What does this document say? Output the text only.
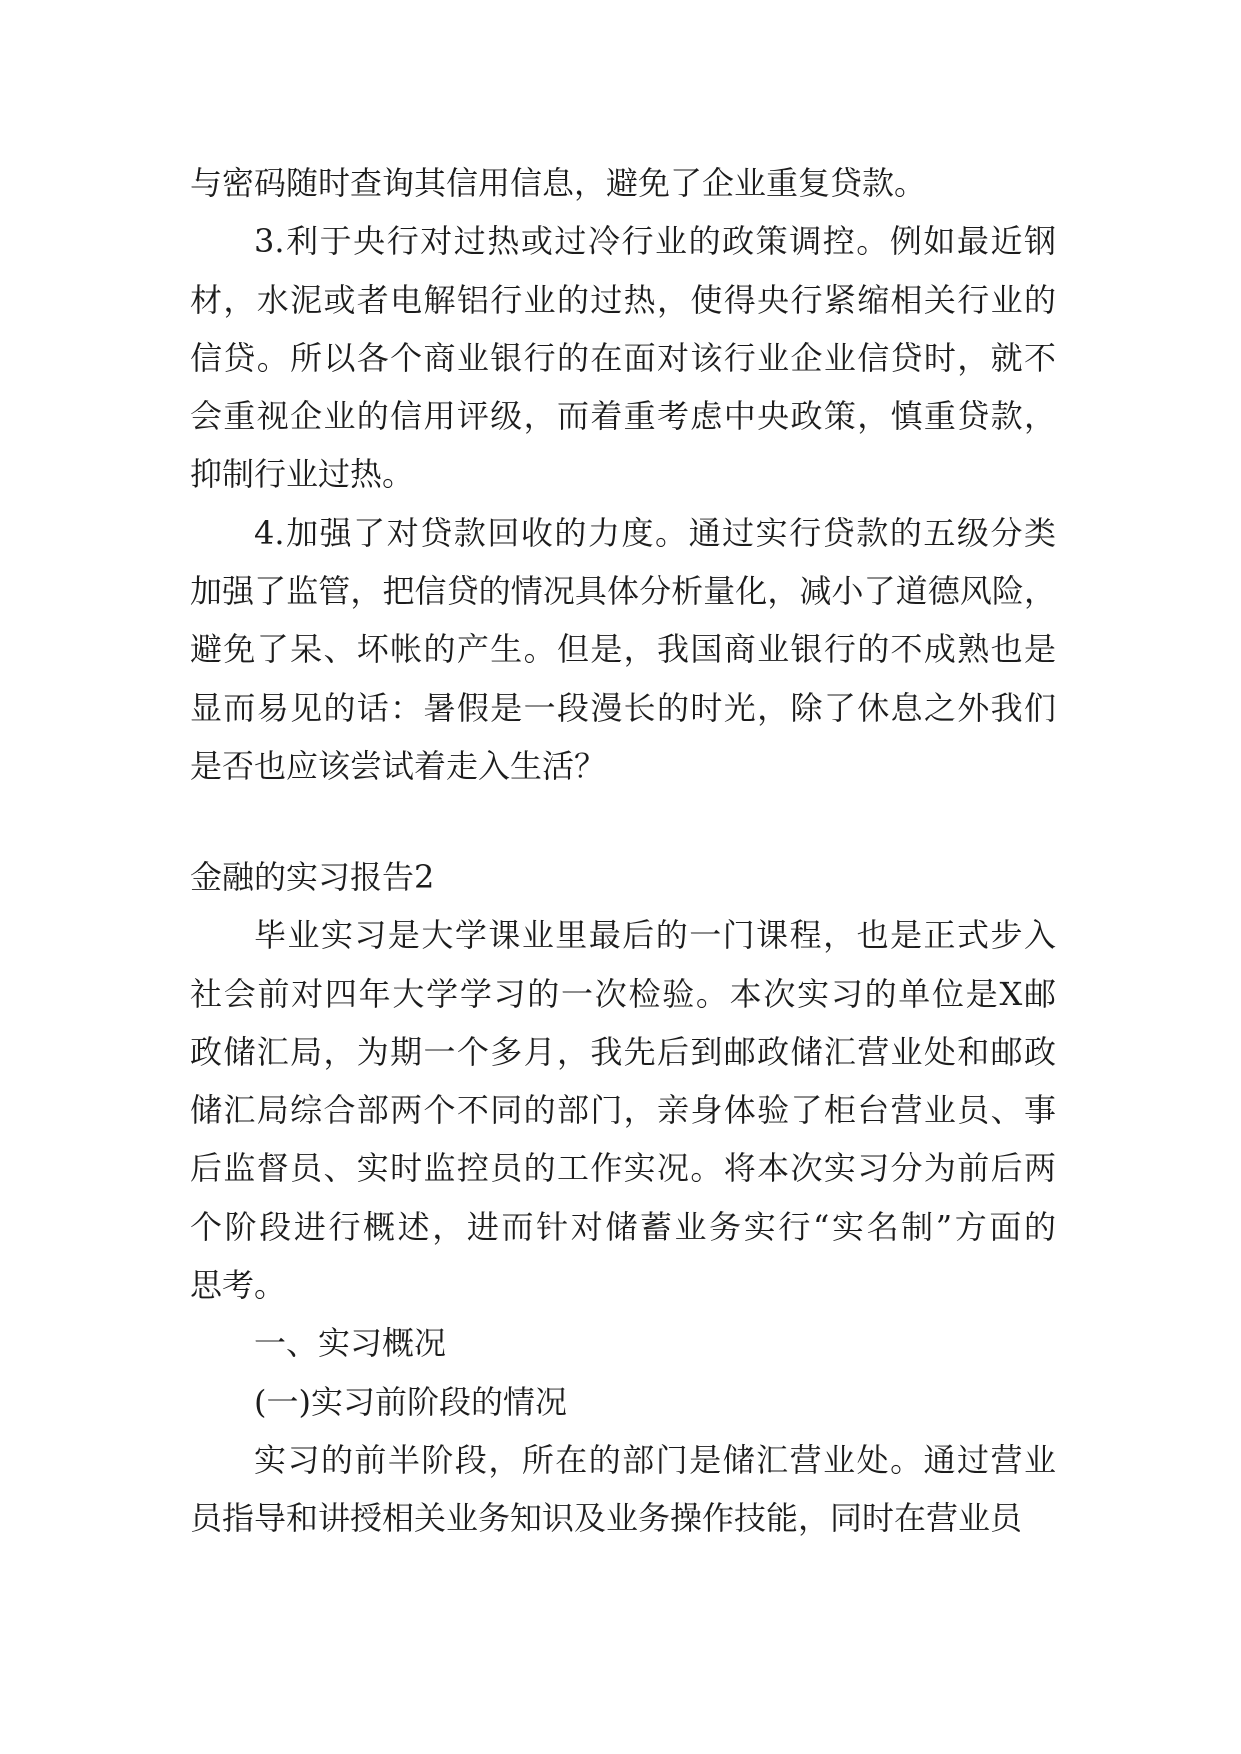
与密码随时查询其信用信息，避免了企业重复贷款。
3.利于央行对过热或过冷行业的政策调控。例如最近钢
材，水泥或者电解铝行业的过热，使得央行紧缩相关行业的
信贷。所以各个商业银行的在面对该行业企业信贷时，就不
会重视企业的信用评级，而着重考虑中央政策，慎重贷款，
抑制行业过热。
4.加强了对贷款回收的力度。通过实行贷款的五级分类
加强了监管，把信贷的情况具体分析量化，减小了道德风险，
避免了呆、坏帐的产生。但是，我国商业银行的不成熟也是
显而易见的话：暑假是一段漫长的时光，除了休息之外我们
是否也应该尝试着走入生活？
金融的实习报告2
毕业实习是大学课业里最后的一门课程，也是正式步入
社会前对四年大学学习的一次检验。本次实习的单位是X邮
政储汇局，为期一个多月，我先后到邮政储汇营业处和邮政
储汇局综合部两个不同的部门，亲身体验了柜台营业员、事
后监督员、实时监控员的工作实况。将本次实习分为前后两
个阶段进行概述，进而针对储蓄业务实行“实名制”方面的
思考。
一、实习概况
(一)实习前阶段的情况
实习的前半阶段，所在的部门是储汇营业处。通过营业
员指导和讲授相关业务知识及业务操作技能，同时在营业员
